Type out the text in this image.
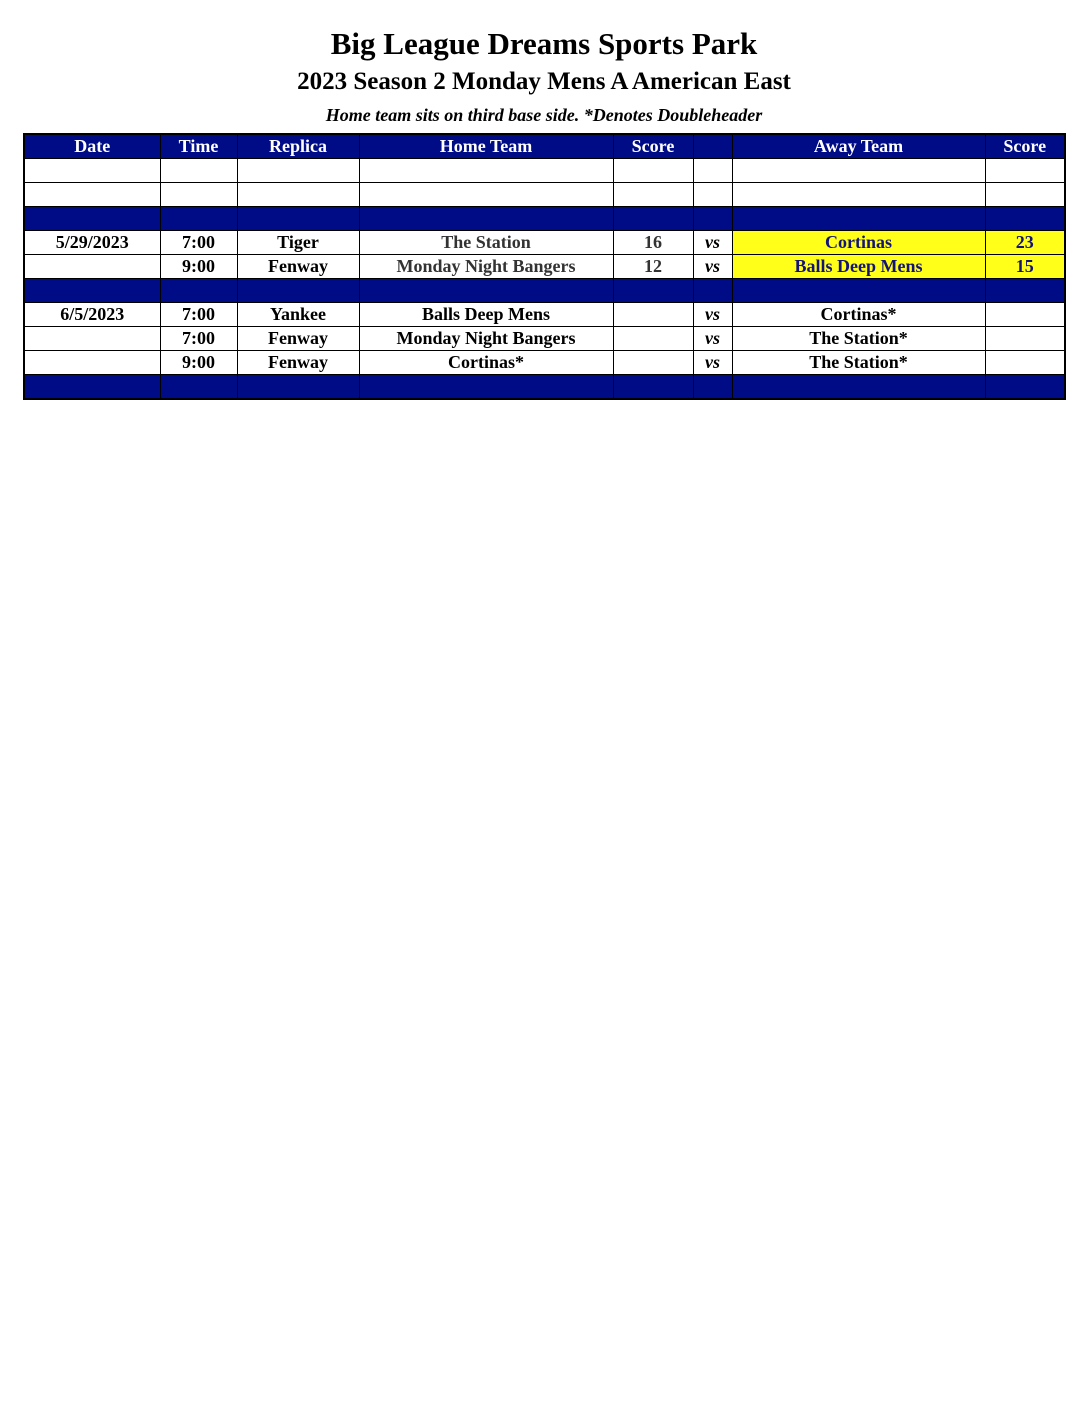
Big League Dreams Sports Park
2023 Season 2 Monday Mens A American East
Home team sits on third base side. *Denotes Doubleheader
Date	Time	Replica	Home Team	Score		Away Team	Score

5/29/2023	7:00	Tiger	The Station	16	vs	Cortinas	23
	9:00	Fenway	Monday Night Bangers	12	vs	Balls Deep Mens	15

6/5/2023	7:00	Yankee	Balls Deep Mens		vs	Cortinas*	
	7:00	Fenway	Monday Night Bangers		vs	The Station*	
	9:00	Fenway	Cortinas*		vs	The Station*	
